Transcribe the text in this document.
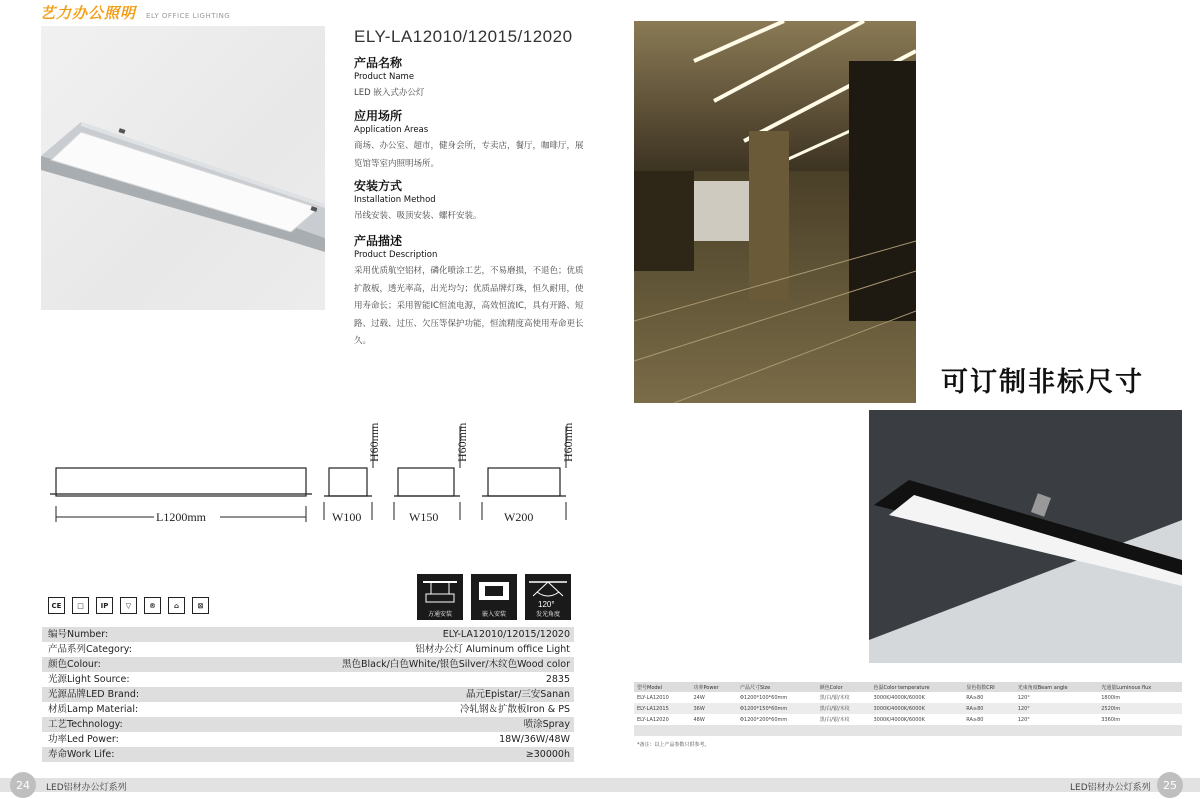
艺力办公照明 ELY OFFICE LIGHTING
ELY-LA12010/12015/12020
产品名称
Product Name
LED 嵌入式办公灯
应用场所
Application Areas
商场、办公室、超市，健身会所，专卖店，餐厅，咖啡厅，展览馆等室内照明场所。
安装方式
Installation Method
吊线安装、吸顶安装、螺杆安装。
产品描述
Product Description
采用优质航空铝材，磷化喷涂工艺，不易磨损，不退色；优质扩散板，透光率高，出光均匀；优质品牌灯珠，恒久耐用，使用寿命长；采用智能IC恒流电源，高效恒流IC，具有开路、短路、过载、过压、欠压等保护功能，恒流精度高使用寿命更长久。
L1200mm
H60mm
W100
H60mm
W150
H60mm
W200
CE	□	IP	▽	®	⌂	⊠
方通安装	嵌入安装
120°
发光角度
编号Number:	ELY-LA12010/12015/12020
产品系列Category:	铝材办公灯 Aluminum office Light
颜色Colour:	黑色Black/白色White/银色Silver/木纹色Wood color
光源Light Source:	2835
光源品牌LED Brand:	晶元Epistar/三安Sanan
材质Lamp Material:	冷轧钢＆扩散板Iron & PS
工艺Technology:	喷涂Spray
功率Led Power:	18W/36W/48W
寿命Work Life:	≥30000h
可订制非标尺寸
型号Model	功率Power	产品尺寸Size	颜色Color	色温Color temperature	显色指数CRI	光束角度Beam angle	光通量Luminous flux
ELY-LA12010	24W	Φ1200*100*60mm	黑/白/银/木纹	3000K/4000K/6000K	RA≥80	120°	1800lm
ELY-LA12015	36W	Φ1200*150*60mm	黑/白/银/木纹	3000K/4000K/6000K	RA≥80	120°	2520lm
ELY-LA12020	48W	Φ1200*200*60mm	黑/白/银/木纹	3000K/4000K/6000K	RA≥80	120°	3360lm

*备注：以上产品参数只供参考。
24	LED铝材办公灯系列	LED铝材办公灯系列	25
